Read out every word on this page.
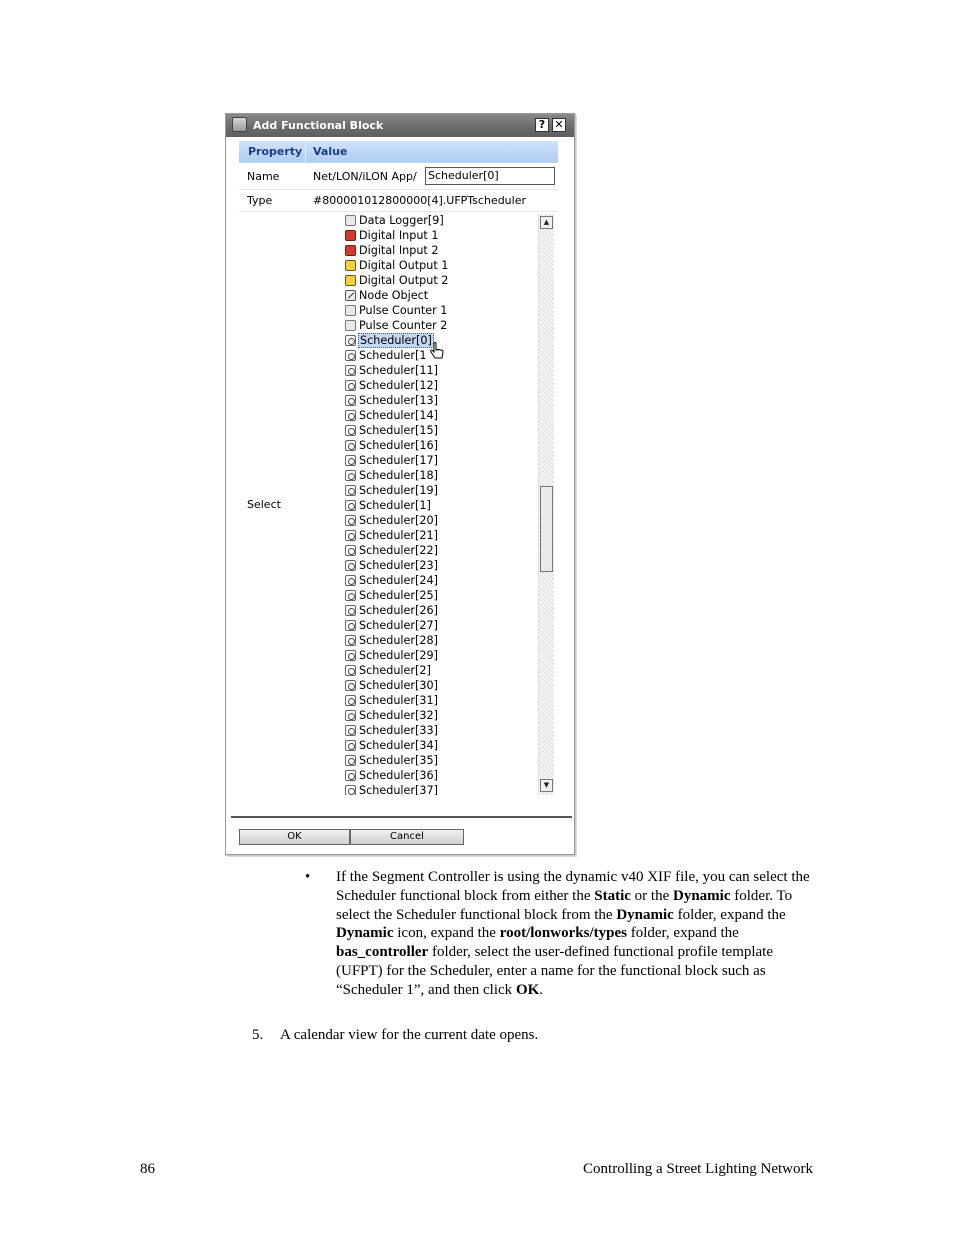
Add Functional Block	? ✕
Property Value
Name	Net/LON/iLON App/ Scheduler[0]
Type	#800001012800000[4].UFPTscheduler
Select
Data Logger[9]
Digital Input 1
Digital Input 2
Digital Output 1
Digital Output 2
Node Object
Pulse Counter 1
Pulse Counter 2
Scheduler[0]
Scheduler[1
Scheduler[11]
Scheduler[12]
Scheduler[13]
Scheduler[14]
Scheduler[15]
Scheduler[16]
Scheduler[17]
Scheduler[18]
Scheduler[19]
Scheduler[1]
Scheduler[20]
Scheduler[21]
Scheduler[22]
Scheduler[23]
Scheduler[24]
Scheduler[25]
Scheduler[26]
Scheduler[27]
Scheduler[28]
Scheduler[29]
Scheduler[2]
Scheduler[30]
Scheduler[31]
Scheduler[32]
Scheduler[33]
Scheduler[34]
Scheduler[35]
Scheduler[36]
Scheduler[37]
▲
▼
OK	Cancel
• If the Segment Controller is using the dynamic v40 XIF file, you can select the Scheduler functional block from either the Static or the Dynamic folder. To select the Scheduler functional block from the Dynamic folder, expand the Dynamic icon, expand the root/lonworks/types folder, expand the bas_controller folder, select the user-defined functional profile template (UFPT) for the Scheduler, enter a name for the functional block such as “Scheduler 1”, and then click OK.
5. A calendar view for the current date opens.
86	Controlling a Street Lighting Network
